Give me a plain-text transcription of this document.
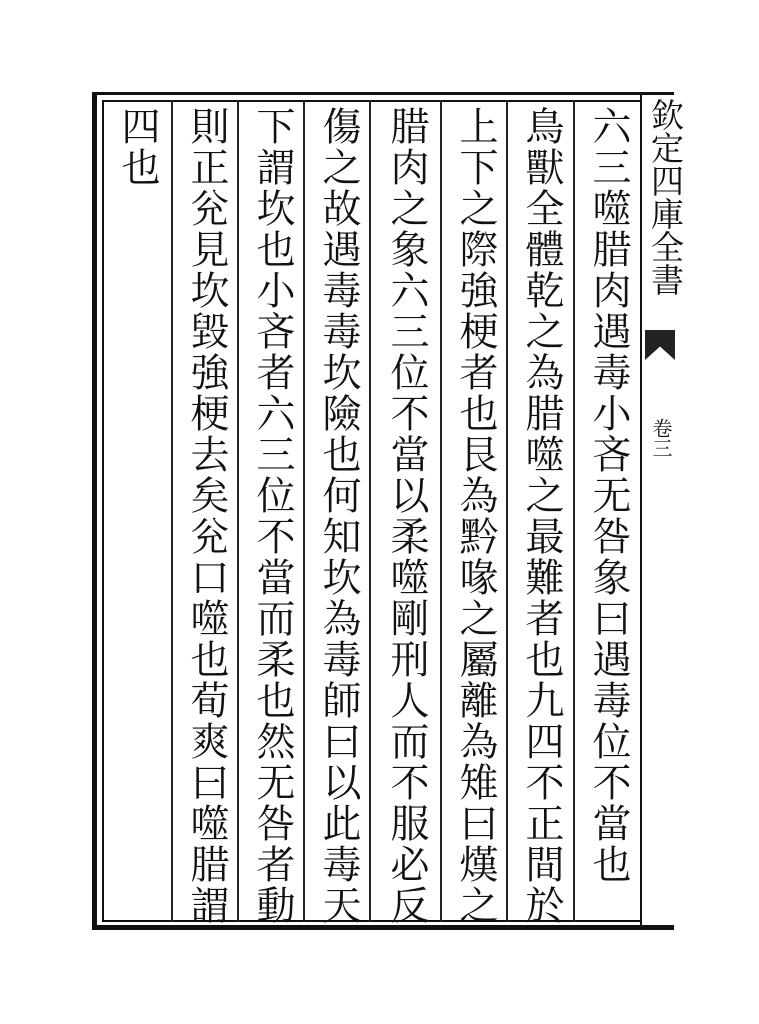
欽定四庫全書
卷三
六三噬腊肉遇毒小吝无咎象曰遇毒位不當也
鳥獸全體乾之為腊噬之最難者也九四不正間於
上下之際強梗者也艮為黔喙之屬離為雉曰熯之
腊肉之象六三位不當以柔噬剛刑人而不服必反
傷之故遇毒毒坎險也何知坎為毒師曰以此毒天
下謂坎也小吝者六三位不當而柔也然无咎者動
則正兊見坎毀強梗去矣兊口噬也荀爽曰噬腊謂
四也
